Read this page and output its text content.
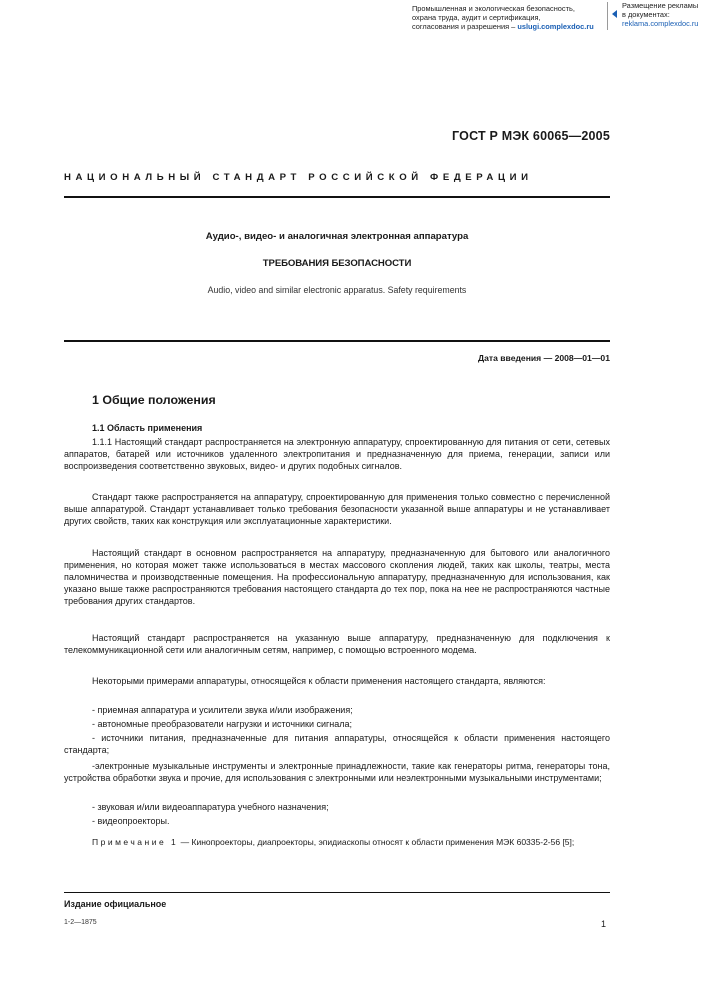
Промышленная и экологическая безопасность,
охрана труда, аудит и сертификация,
согласования и разрешения – uslugi.complexdoc.ru
Размещение рекламы
в документах:
reklama.complexdoc.ru
ГОСТ Р МЭК 60065—2005
НАЦИОНАЛЬНЫЙ СТАНДАРТ РОССИЙСКОЙ ФЕДЕРАЦИИ
Аудио-, видео- и аналогичная электронная аппаратура
ТРЕБОВАНИЯ БЕЗОПАСНОСТИ
Audio, video and similar electronic apparatus. Safety requirements
Дата введения — 2008—01—01
1 Общие положения
1.1 Область применения
1.1.1 Настоящий стандарт распространяется на электронную аппаратуру, спроектированную для питания от сети, сетевых аппаратов, батарей или источников удаленного электропитания и предназначенную для приема, генерации, записи или воспроизведения соответственно звуковых, видео- и других подобных сигналов.
Стандарт также распространяется на аппаратуру, спроектированную для применения только совместно с перечисленной выше аппаратурой. Стандарт устанавливает только требования безопасности указанной выше аппаратуры и не устанавливает других свойств, таких как конструкция или эксплуатационные характеристики.
Настоящий стандарт в основном распространяется на аппаратуру, предназначенную для бытового или аналогичного применения, но которая может также использоваться в местах массового скопления людей, таких как школы, театры, места паломничества и производственные помещения. На профессиональную аппаратуру, предназначенную для использования, как указано выше также распространяются требования настоящего стандарта до тех пор, пока на нее не распространяются частные требования других стандартов.
Настоящий стандарт распространяется на указанную выше аппаратуру, предназначенную для подключения к телекоммуникационной сети или аналогичным сетям, например, с помощью встроенного модема.
Некоторыми примерами аппаратуры, относящейся к области применения настоящего стандарта, являются:
- приемная аппаратура и усилители звука и/или изображения;
- автономные преобразователи нагрузки и источники сигнала;
- источники питания, предназначенные для питания аппаратуры, относящейся к области применения настоящего стандарта;
-электронные музыкальные инструменты и электронные принадлежности, такие как генераторы ритма, генераторы тона, устройства обработки звука и прочие, для использования с электронными или неэлектронными музыкальными инструментами;
- звуковая и/или видеоаппаратура учебного назначения;
- видеопроекторы.
Примечание 1 — Кинопроекторы, диапроекторы, эпидиаскопы относят к области применения МЭК 60335-2-56 [5];
Издание официальное
1-2—1875	1
